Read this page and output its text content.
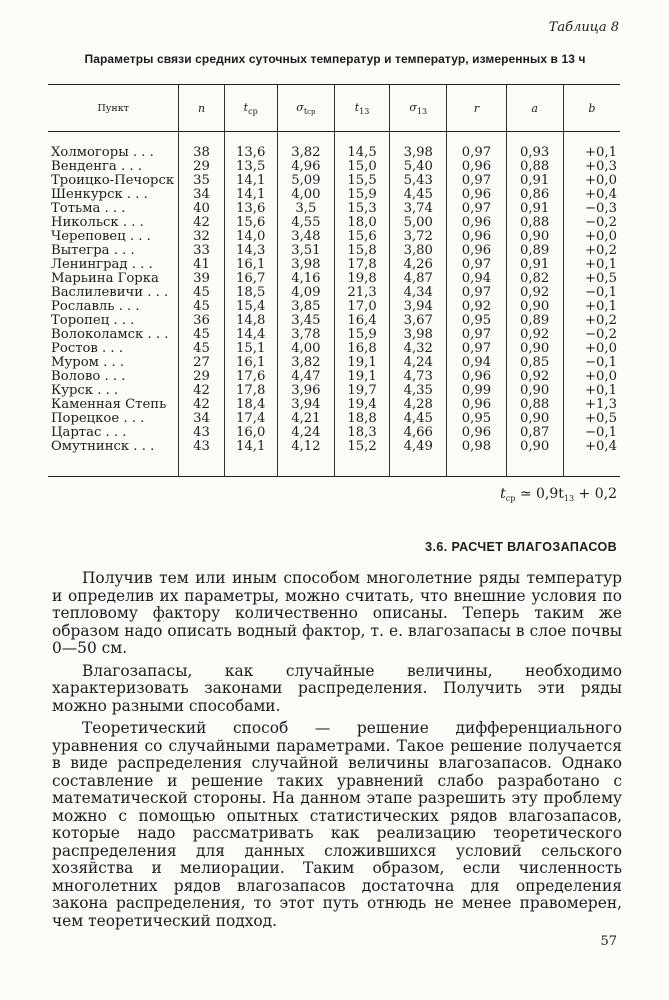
Таблица 8
Параметры связи средних суточных температур и температур, измеренных в 13 ч
Пункт	n	$t_{ср}$	$\sigma_{tср}$	$t_{13}$	$\sigma_{13}$	r	a	b
Холмогоры . . .	38	13,6	3,82	14,5	3,98	0,97	0,93	+0,1
Венденга . . .	29	13,5	4,96	15,0	5,40	0,96	0,88	+0,3
Троицко-Печорск	35	14,1	5,09	15,5	5,43	0,97	0,91	+0,0
Шенкурск . . .	34	14,1	4,00	15,9	4,45	0,96	0,86	+0,4
Тотьма . . .	40	13,6	3,5	15,3	3,74	0,97	0,91	−0,3
Никольск . . .	42	15,6	4,55	18,0	5,00	0,96	0,88	−0,2
Череповец . . .	32	14,0	3,48	15,6	3,72	0,96	0,90	+0,0
Вытегра . . .	33	14,3	3,51	15,8	3,80	0,96	0,89	+0,2
Ленинград . . .	41	16,1	3,98	17,8	4,26	0,97	0,91	+0,1
Марьина Горка	39	16,7	4,16	19,8	4,87	0,94	0,82	+0,5
Васлилевичи . . .	45	18,5	4,09	21,3	4,34	0,97	0,92	−0,1
Рославль . . .	45	15,4	3,85	17,0	3,94	0,92	0,90	+0,1
Торопец . . .	36	14,8	3,45	16,4	3,67	0,95	0,89	+0,2
Волоколамск . . .	45	14,4	3,78	15,9	3,98	0,97	0,92	−0,2
Ростов . . .	45	15,1	4,00	16,8	4,32	0,97	0,90	+0,0
Муром . . .	27	16,1	3,82	19,1	4,24	0,94	0,85	−0,1
Волово . . .	29	17,6	4,47	19,1	4,73	0,96	0,92	+0,0
Курск . . .	42	17,8	3,96	19,7	4,35	0,99	0,90	+0,1
Каменная Степь	42	18,4	3,94	19,4	4,28	0,96	0,88	+1,3
Порецкое . . .	34	17,4	4,21	18,8	4,45	0,95	0,90	+0,5
Цартас . . .	43	16,0	4,24	18,3	4,66	0,96	0,87	−0,1
Омутнинск . . .	43	14,1	4,12	15,2	4,49	0,98	0,90	+0,4
$t_{ср}$ ≃ $0,9t_{13} + 0,2$
3.6. РАСЧЕТ ВЛАГОЗАПАСОВ

Получив тем или иным способом многолетние ряды температур и определив их параметры, можно считать, что внешние условия по тепловому фактору количественно описаны. Теперь таким же образом надо описать водный фактор, т. е. влагозапасы в слое почвы 0—50 см.

Влагозапасы, как случайные величины, необходимо характеризовать законами распределения. Получить эти ряды можно разными способами.

Теоретический способ — решение дифференциального уравнения со случайными параметрами. Такое решение получается в виде распределения случайной величины влагозапасов. Однако составление и решение таких уравнений слабо разработано с математической стороны. На данном этапе разрешить эту проблему можно с помощью опытных статистических рядов влагозапасов, которые надо рассматривать как реализацию теоретического распределения для данных сложившихся условий сельского хозяйства и мелиорации. Таким образом, если численность многолетних рядов влагозапасов достаточна для определения закона распределения, то этот путь отнюдь не менее правомерен, чем теоретический подход.

57
